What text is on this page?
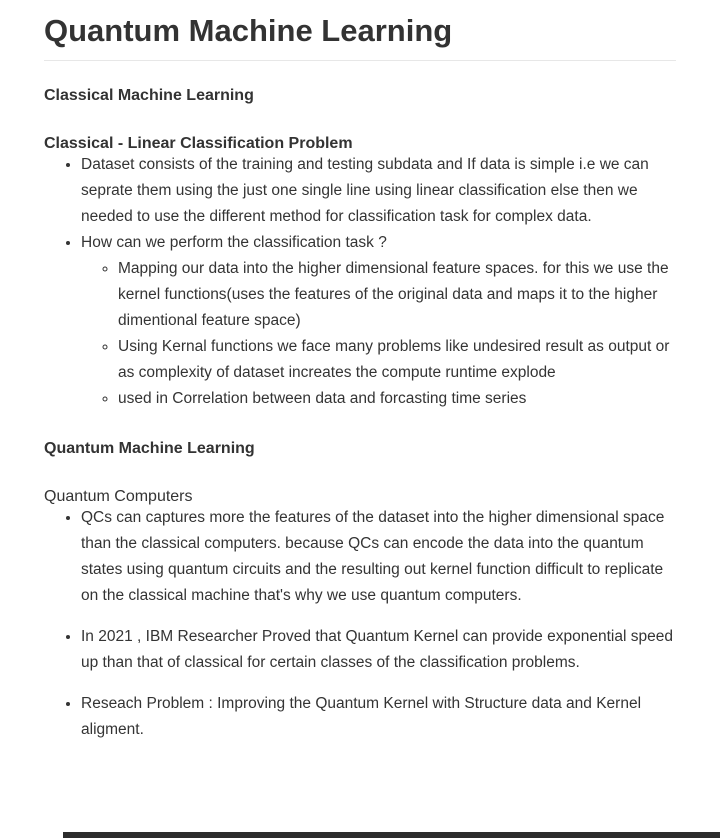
Quantum Machine Learning
Classical Machine Learning
Classical - Linear Classification Problem
• Dataset consists of the training and testing subdata and If data is simple i.e we can seprate them using the just one single line using linear classification else then we needed to use the different method for classification task for complex data.
• How can we perform the classification task ?
◦ Mapping our data into the higher dimensional feature spaces. for this we use the kernel functions(uses the features of the original data and maps it to the higher dimentional feature space)
◦ Using Kernal functions we face many problems like undesired result as output or as complexity of dataset increates the compute runtime explode
◦ used in Correlation between data and forcasting time series
Quantum Machine Learning

Quantum Computers

• QCs can captures more the features of the dataset into the higher dimensional space than the classical computers. because QCs can encode the data into the quantum states using quantum circuits and the resulting out kernel function difficult to replicate on the classical machine that's why we use quantum computers.
• In 2021 , IBM Researcher Proved that Quantum Kernel can provide exponential speed up than that of classical for certain classes of the classification problems.
• Reseach Problem : Improving the Quantum Kernel with Structure data and Kernel aligment.
